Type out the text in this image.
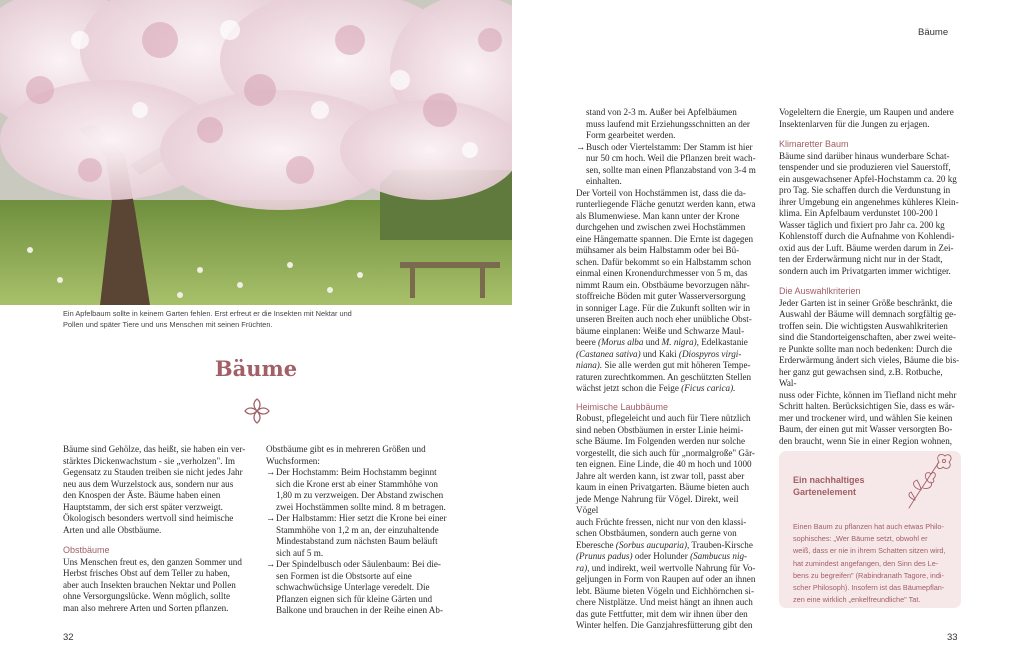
Ein Apfelbaum sollte in keinem Garten fehlen. Erst erfreut er die Insekten mit Nektar und
Pollen und später Tiere und uns Menschen mit seinen Früchten.
Bäume

Bäume sind Gehölze, das heißt, sie haben ein ver-
stärktes Dickenwachstum - sie „verholzen". Im
Gegensatz zu Stauden treiben sie nicht jedes Jahr
neu aus dem Wurzelstock aus, sondern nur aus
den Knospen der Äste. Bäume haben einen
Hauptstamm, der sich erst später verzweigt.
Ökologisch besonders wertvoll sind heimische
Arten und alle Obstbäume.

Obstbäume

Uns Menschen freut es, den ganzen Sommer und
Herbst frisches Obst auf dem Teller zu haben,
aber auch Insekten brauchen Nektar und Pollen
ohne Versorgungslücke. Wenn möglich, sollte
man also mehrere Arten und Sorten pflanzen.

Obstbäume gibt es in mehreren Größen und
Wuchsformen:

→ Der Hochstamm: Beim Hochstamm beginnt
sich die Krone erst ab einer Stammhöhe von
1,80 m zu verzweigen. Der Abstand zwischen
zwei Hochstämmen sollte mind. 8 m betragen.
→ Der Halbstamm: Hier setzt die Krone bei einer
Stammhöhe von 1,2 m an, der einzuhaltende
Mindestabstand zum nächsten Baum beläuft
sich auf 5 m.
→ Der Spindelbusch oder Säulenbaum: Bei die-
sen Formen ist die Obstsorte auf eine
schwachwüchsige Unterlage veredelt. Die
Pflanzen eignen sich für kleine Gärten und
Balkone und brauchen in der Reihe einen Ab-
Bäume
32	33
stand von 2-3 m. Außer bei Apfelbäumen
muss laufend mit Erziehungsschnitten an der
Form gearbeitet werden.
→ Busch oder Viertelstamm: Der Stamm ist hier
nur 50 cm hoch. Weil die Pflanzen breit wach-
sen, sollte man einen Pflanzabstand von 3-4 m
einhalten.

Der Vorteil von Hochstämmen ist, dass die da-
runterliegende Fläche genutzt werden kann, etwa
als Blumenwiese. Man kann unter der Krone
durchgehen und zwischen zwei Hochstämmen
eine Hängematte spannen. Die Ernte ist dagegen
mühsamer als beim Halbstamm oder bei Bü-
schen. Dafür bekommt so ein Halbstamm schon
einmal einen Kronendurchmesser von 5 m, das
nimmt Raum ein. Obstbäume bevorzugen nähr-
stoffreiche Böden mit guter Wasserversorgung
in sonniger Lage. Für die Zukunft sollten wir in
unseren Breiten auch noch eher unübliche Obst-
bäume einplanen: Weiße und Schwarze Maul-
beere (Morus alba und M. nigra), Edelkastanie
(Castanea sativa) und Kaki (Diospyros virgi-
niana). Sie alle werden gut mit höheren Tempe-
raturen zurechtkommen. An geschützten Stellen
wächst jetzt schon die Feige (Ficus carica).

Heimische Laubbäume

Robust, pflegeleicht und auch für Tiere nützlich
sind neben Obstbäumen in erster Linie heimi-
sche Bäume. Im Folgenden werden nur solche
vorgestellt, die sich auch für „normalgroße" Gär-
ten eignen. Eine Linde, die 40 m hoch und 1000
Jahre alt werden kann, ist zwar toll, passt aber
kaum in einen Privatgarten. Bäume bieten auch
jede Menge Nahrung für Vögel. Direkt, weil Vögel
auch Früchte fressen, nicht nur von den klassi-
schen Obstbäumen, sondern auch gerne von
Eberesche (Sorbus aucuparia), Trauben-Kirsche
(Prunus padus) oder Holunder (Sambucus nig-
ra), und indirekt, weil wertvolle Nahrung für Vo-
geljungen in Form von Raupen auf oder an ihnen
lebt. Bäume bieten Vögeln und Eichhörnchen si-
chere Nistplätze. Und meist hängt an ihnen auch
das gute Fettfutter, mit dem wir ihnen über den
Winter helfen. Die Ganzjahresfütterung gibt den

Vogeleltern die Energie, um Raupen und andere
Insektenlarven für die Jungen zu erjagen.

Klimaretter Baum

Bäume sind darüber hinaus wunderbare Schat-
tenspender und sie produzieren viel Sauerstoff,
ein ausgewachsener Apfel-Hochstamm ca. 20 kg
pro Tag. Sie schaffen durch die Verdunstung in
ihrer Umgebung ein angenehmes kühleres Klein-
klima. Ein Apfelbaum verdunstet 100-200 l
Wasser täglich und fixiert pro Jahr ca. 200 kg
Kohlenstoff durch die Aufnahme von Kohlendi-
oxid aus der Luft. Bäume werden darum in Zei-
ten der Erderwärmung nicht nur in der Stadt,
sondern auch im Privatgarten immer wichtiger.

Die Auswahlkriterien

Jeder Garten ist in seiner Größe beschränkt, die
Auswahl der Bäume will demnach sorgfältig ge-
troffen sein. Die wichtigsten Auswahlkriterien
sind die Standorteigenschaften, aber zwei weite-
re Punkte sollte man noch bedenken: Durch die
Erderwärmung ändert sich vieles, Bäume die bis-
her ganz gut gewachsen sind, z.B. Rotbuche, Wal-
nuss oder Fichte, können im Tiefland nicht mehr
Schritt halten. Berücksichtigen Sie, dass es wär-
mer und trockener wird, und wählen Sie keinen
Baum, der einen gut mit Wasser versorgten Bo-
den braucht, wenn Sie in einer Region wohnen,

Ein nachhaltiges
Gartenelement
Einen Baum zu pflanzen hat auch etwas Philo-
sophisches: „Wer Bäume setzt, obwohl er
weiß, dass er nie in ihrem Schatten sitzen wird,
hat zumindest angefangen, den Sinn des Le-
bens zu begreifen" (Rabindranath Tagore, indi-
scher Philosoph). Insofern ist das Bäumepflan-
zen eine wirklich „enkelfreundliche" Tat.
